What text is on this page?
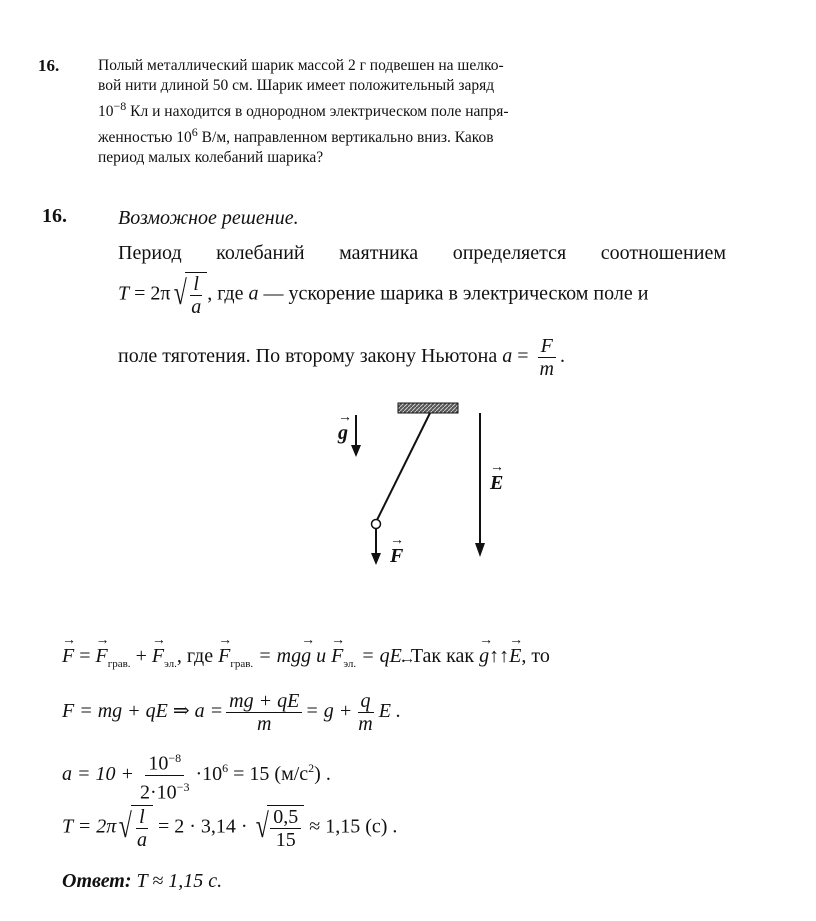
16.	Полый металлический шарик массой 2 г подвешен на шелко-
вой нити длиной 50 см. Шарик имеет положительный заряд
$10^{-8}$ Кл и находится в однородном электрическом поле напря-
женностью $10^6$ В/м, направленном вертикально вниз. Каков
период малых колебаний шарика?
16.	Возможное решение.
Период колебаний маятника определяется соотношением
T = 2π √ $\frac{l}{a}$ , где a — ускорение шарика в электрическом поле и
поле тяготения. По второму закону Ньютона $a = \frac{F}{m}$ .
→ g
→ E
→ F
→ F = → $F_{грав.}$ + → $F_{эл.}$, где → $F_{грав.} = mg\to g$ $и \to F_{эл.}$ = qE. Так как → g↑↑→ E, то
F = mg + qE ⇒ $a = \frac{mg + qE}{m} = g + \frac{q}{m}$ E .
$a = 10 + \frac{10^{-8}}{2\cdot 10^{-3}} \cdot 10^6 = 15$ $(м/с^2)$ .
T = 2π √ $\frac{l}{a} = 2 \cdot 3,14$ · √ $\frac{0,5}{15} \approx 1,15$ (с) .
Ответ: T ≈ 1,15 с.
